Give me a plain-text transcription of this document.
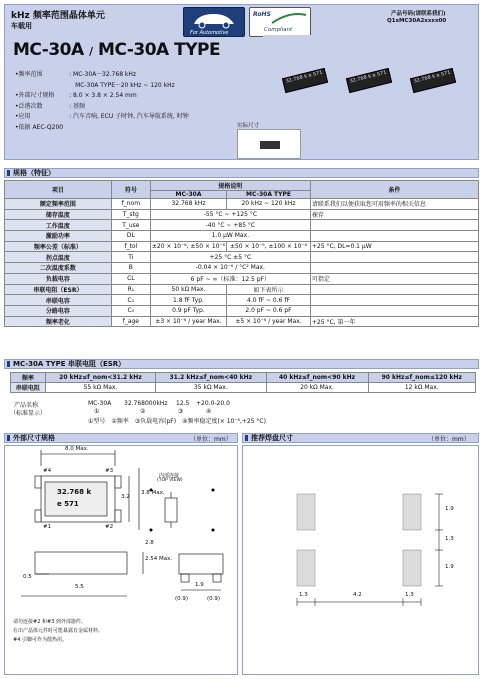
kHz 频率范围晶体单元
车载用
For Automotive
RoHS
Compliant
产品号码(请联系我们)
Q1xMC30A2xxxx00
MC-30A / MC-30A TYPE
•频率范围	: MC-30A···32.768 kHz
	MC-30A TYPE···20 kHz ~ 120 kHz
•外部尺寸规格	: 8.0 × 3.8 × 2.54 mm
•泛谐次数	: 基频
•应用	: 汽车音响, ECU 子时钟, 汽车导航系统, 时钟
•依据 AEC-Q200	
32.768 k e 571	32.768 k e 571	32.768 k e 571
实际尺寸
规格（特征）
项目	符号	规格说明		条件
		MC-30A	MC-30A TYPE	
额定频率范围	f_nom	32.768 kHz	20 kHz ~ 120 kHz	请联系我们以便获取您可用频率的相关信息
储存温度	T_stg	-55 °C ~ +125 °C		裸存
工作温度	T_use	-40 °C ~ +85 °C		
激励功率	DL	1.0 μW Max.		
频率公差（标准）	f_tol	±20 × 10⁻⁶, ±50 × 10⁻⁶	±50 × 10⁻⁶, ±100 × 10⁻⁶	+25 °C, DL=0.1 μW
拐点温度	Ti	+25 °C ±5 °C		
二次温度系数	B	-0.04 × 10⁻⁶ / °C² Max.		
负载电容	CL	6 pF ~ ∞（标准：12.5 pF）		可指定
串联电阻（ESR）	R₁	50 kΩ Max.	如下表所示	
串联电容	C₁	1.8 fF Typ.	4.0 fF ~ 0.6 fF	
分路电容	C₀	0.9 pF Typ.	2.0 pF ~ 0.6 pF	
频率老化	f_age	±3 × 10⁻⁶ / year Max.	±5 × 10⁻⁶ / year Max.	+25 °C, 第一年
MC-30A TYPE 串联电阻（ESR）
频率	20 kHz≤f_nom<31.2 kHz	31.2 kHz≤f_nom<40 kHz	40 kHz≤f_nom<90 kHz	90 kHz≤f_nom≤120 kHz
串联电阻	55 kΩ Max.	35 kΩ Max.	20 kΩ Max.	12 kΩ Max.
产品名称
（标准显示）
MC-30A 32.768000kHz 12.5 +20.0-20.0
①	②	③	④
①型号　②频率　③负载电容(pF)　④频率稳定度(× 10⁻⁶,+25 °C)
外部尺寸规格	（单位：mm）
8.0 Max.
3.2
3.8 Max.
#4	#3
#1	#2
32.768 k
e 571
0.5
5.5
2.54 Max.
2.8
1.9
(0.9)	(0.9)
内部连接
(TOP VIEW)
请勿连接#2 和#3 到外部器件。
在出产晶体元件时可能暴露有金属材料。
#4 引脚可作为散热用。
推荐焊盘尺寸	（单位：mm）
1.9
1.3
1.9
1.3	4.2	1.3
